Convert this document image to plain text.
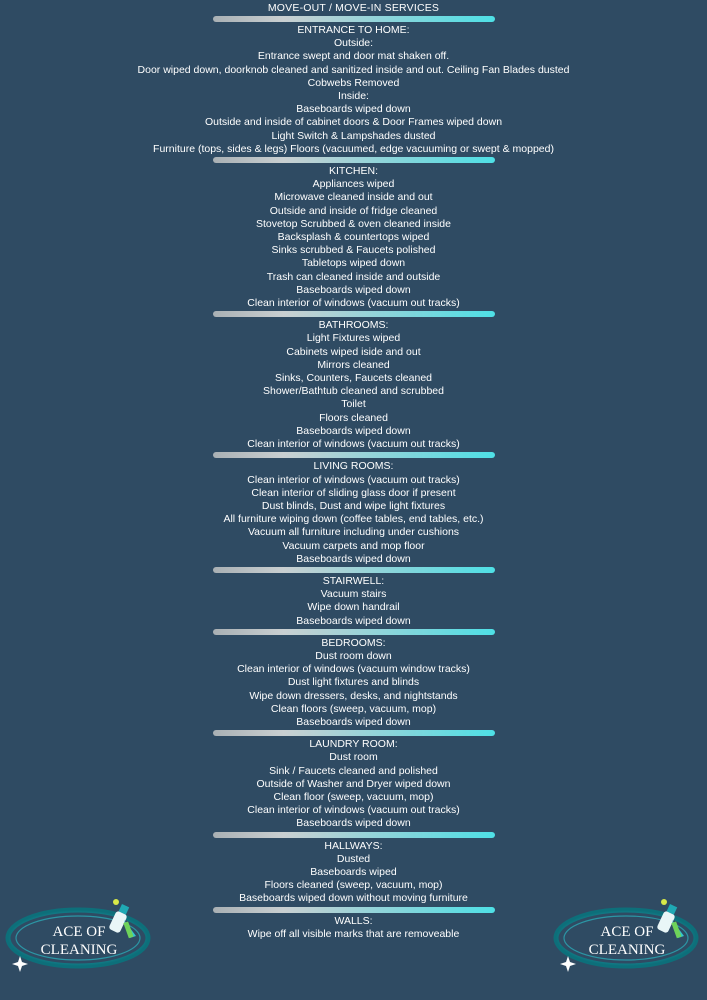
MOVE-OUT / MOVE-IN SERVICES
ENTRANCE TO HOME:
Outside:
Entrance swept and door mat shaken off.
Door wiped down, doorknob cleaned and sanitized inside and out. Ceiling Fan Blades dusted
Cobwebs Removed
Inside:
Baseboards wiped down
Outside and inside of cabinet doors & Door Frames wiped down
Light Switch & Lampshades dusted
Furniture (tops, sides & legs) Floors (vacuumed, edge vacuuming or swept & mopped)
KITCHEN:
Appliances wiped
Microwave cleaned inside and out
Outside and inside of fridge cleaned
Stovetop Scrubbed & oven cleaned inside
Backsplash & countertops wiped
Sinks scrubbed & Faucets polished
Tabletops wiped down
Trash can cleaned inside and outside
Baseboards wiped down
Clean interior of windows (vacuum out tracks)
BATHROOMS:
Light Fixtures wiped
Cabinets wiped iside and out
Mirrors cleaned
Sinks, Counters, Faucets cleaned
Shower/Bathtub cleaned and scrubbed
Toilet
Floors cleaned
Baseboards wiped down
Clean interior of windows (vacuum out tracks)
LIVING ROOMS:
Clean interior of windows (vacuum out tracks)
Clean interior of sliding glass door if present
Dust blinds, Dust and wipe light fixtures
All furniture wiping down (coffee tables, end tables, etc.)
Vacuum all furniture including under cushions
Vacuum carpets and mop floor
Baseboards wiped down
STAIRWELL:
Vacuum stairs
Wipe down handrail
Baseboards wiped down
BEDROOMS:
Dust room down
Clean interior of windows (vacuum window tracks)
Dust light fixtures and blinds
Wipe down dressers, desks, and nightstands
Clean floors (sweep, vacuum, mop)
Baseboards wiped down
LAUNDRY ROOM:
Dust room
Sink / Faucets cleaned and polished
Outside of Washer and Dryer wiped down
Clean floor (sweep, vacuum, mop)
Clean interior of windows (vacuum out tracks)
Baseboards wiped down
HALLWAYS:
Dusted
Baseboards wiped
Floors cleaned (sweep, vacuum, mop)
Baseboards wiped down without moving furniture
WALLS:
Wipe off all visible marks that are removeable
ACE OF
CLEANING
ACE OF
CLEANING
